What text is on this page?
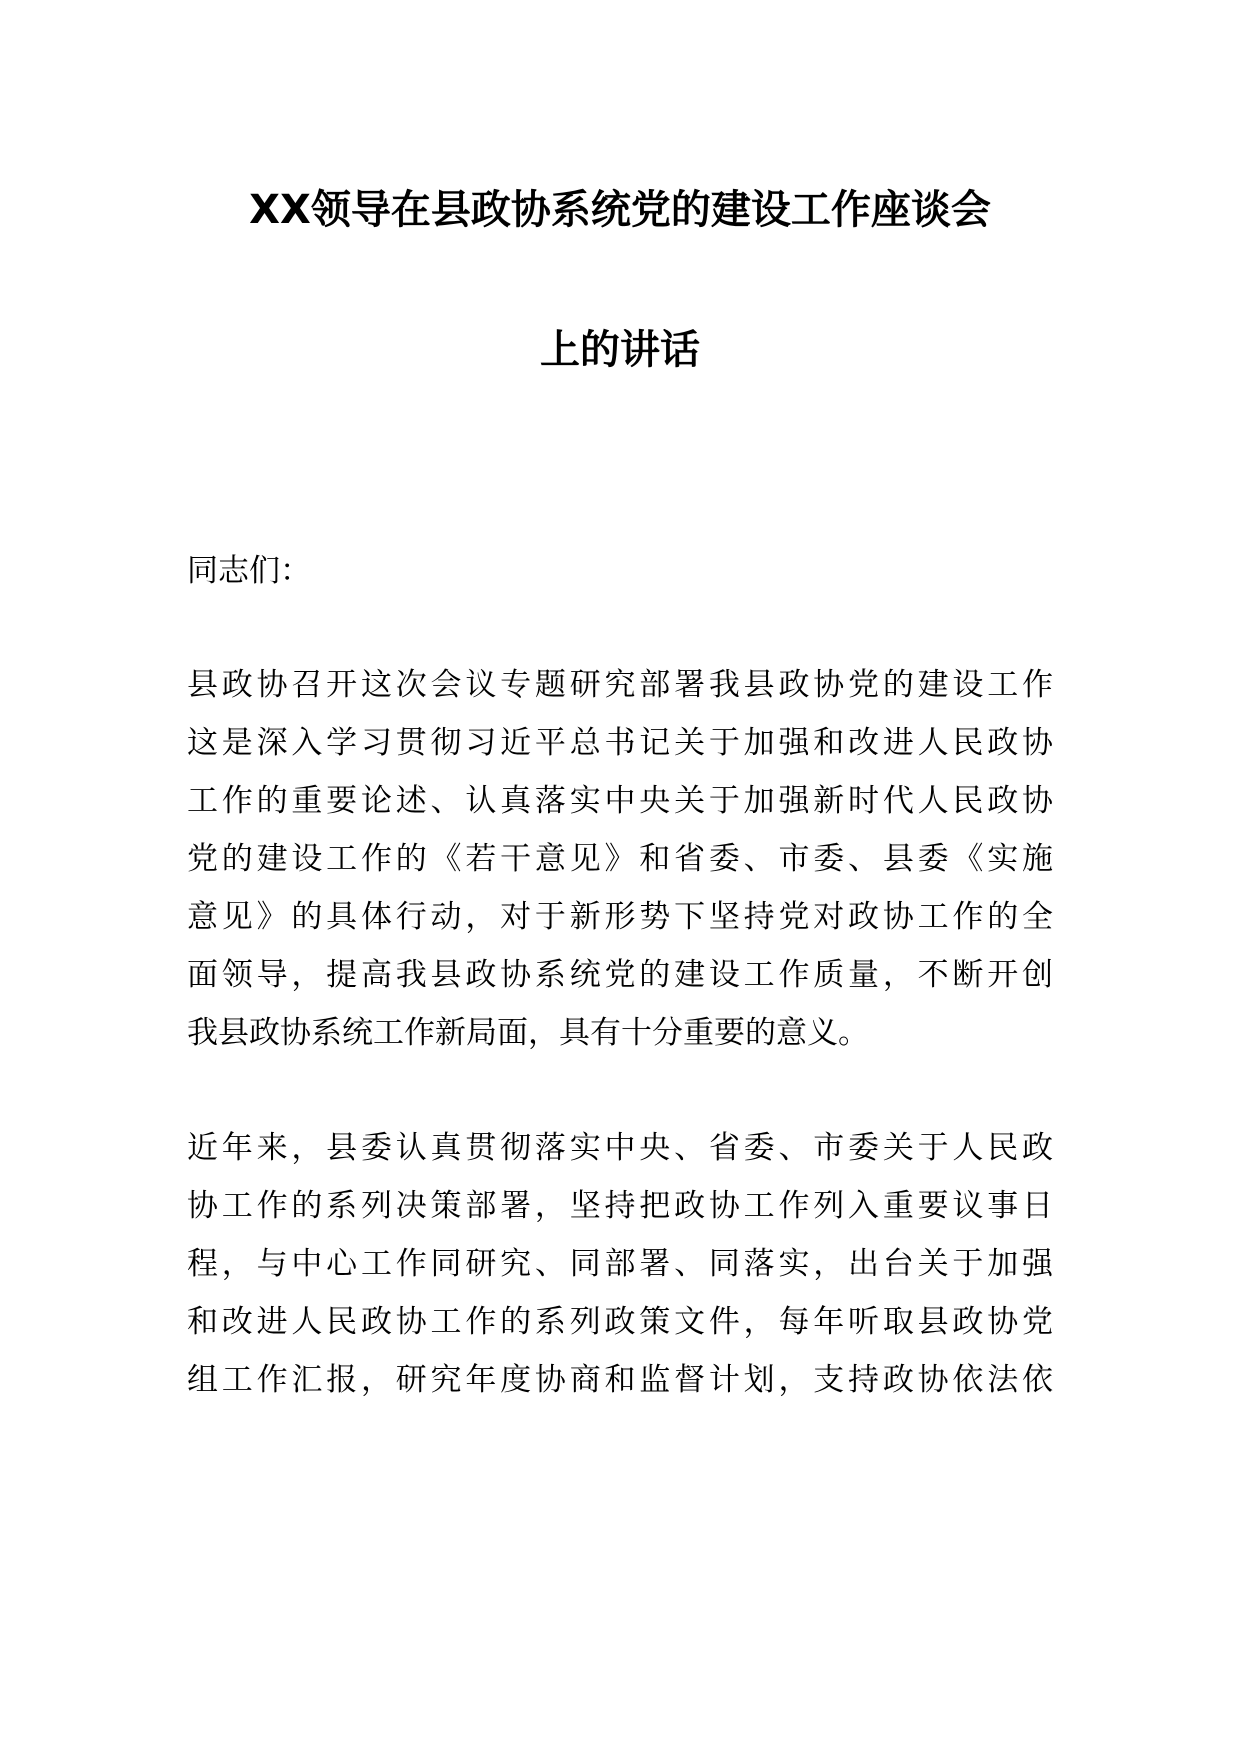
XX领导在县政协系统党的建设工作座谈会
上的讲话
同志们：
县政协召开这次会议专题研究部署我县政协党的建设工作
这是深入学习贯彻习近平总书记关于加强和改进人民政协
工作的重要论述、认真落实中央关于加强新时代人民政协
党的建设工作的《若干意见》和省委、市委、县委《实施
意见》的具体行动，对于新形势下坚持党对政协工作的全
面领导，提高我县政协系统党的建设工作质量，不断开创
我县政协系统工作新局面，具有十分重要的意义。
近年来，县委认真贯彻落实中央、省委、市委关于人民政
协工作的系列决策部署，坚持把政协工作列入重要议事日
程，与中心工作同研究、同部署、同落实，出台关于加强
和改进人民政协工作的系列政策文件，每年听取县政协党
组工作汇报，研究年度协商和监督计划，支持政协依法依
